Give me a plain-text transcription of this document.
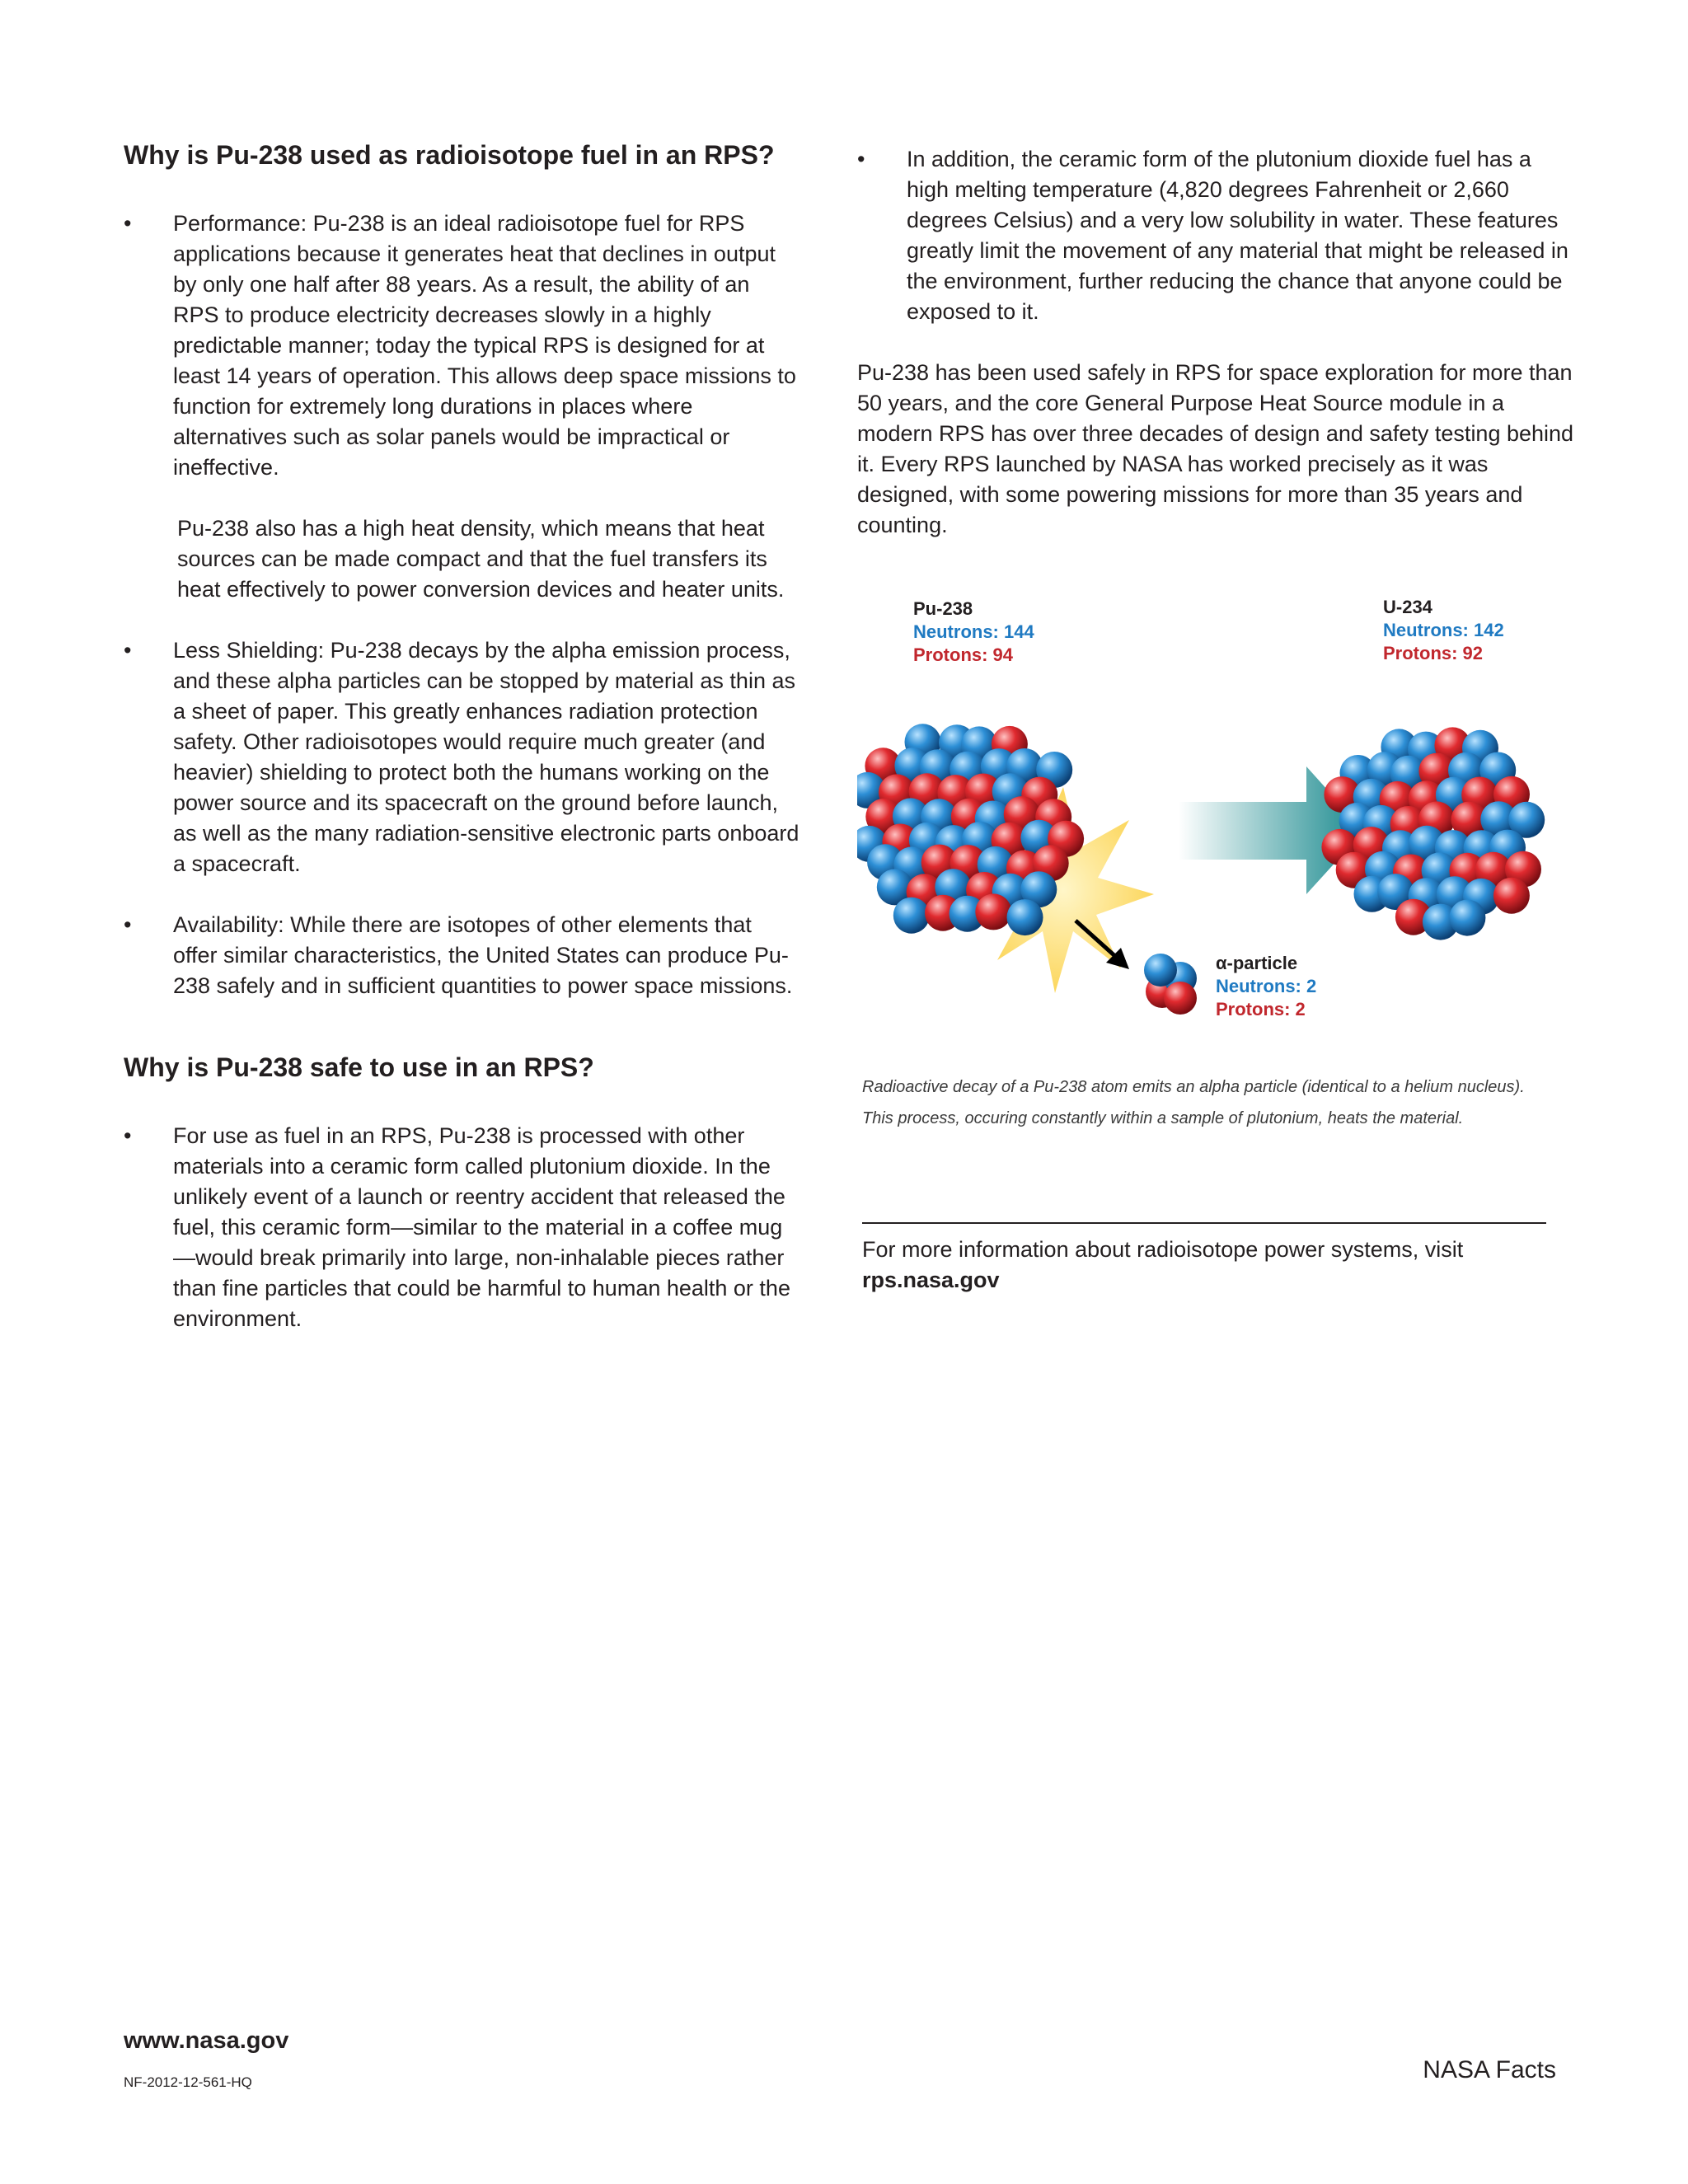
Why is Pu-238 used as radioisotope fuel in an RPS?
•	Performance: Pu-238 is an ideal radioisotope fuel for RPS applications because it generates heat that declines in output by only one half after 88 years. As a result, the ability of an RPS to produce electricity decreases slowly in a highly predictable manner; today the typical RPS is designed for at least 14 years of operation. This allows deep space missions to function for extremely long durations in places where alternatives such as solar panels would be impractical or ineffective.

Pu-238 also has a high heat density, which means that heat sources can be made compact and that the fuel transfers its heat effectively to power conversion devices and heater units.

•	Less Shielding: Pu-238 decays by the alpha emission process, and these alpha particles can be stopped by material as thin as a sheet of paper. This greatly enhances radiation protection safety. Other radioisotopes would require much greater (and heavier) shielding to protect both the humans working on the power source and its spacecraft on the ground before launch, as well as the many radiation-sensitive electronic parts onboard a spacecraft.
•	Availability: While there are isotopes of other elements that offer similar characteristics, the United States can produce Pu-238 safely and in sufficient quantities to power space missions.
Why is Pu-238 safe to use in an RPS?
•	For use as fuel in an RPS, Pu-238 is processed with other materials into a ceramic form called plutonium dioxide. In the unlikely event of a launch or reentry accident that released the fuel, this ceramic form—similar to the material in a coffee mug—would break primarily into large, non-inhalable pieces rather than fine particles that could be harmful to human health or the environment.
•	In addition, the ceramic form of the plutonium dioxide fuel has a high melting temperature (4,820 degrees Fahrenheit or 2,660 degrees Celsius) and a very low solubility in water. These features greatly limit the movement of any material that might be released in the environment, further reducing the chance that anyone could be exposed to it.

Pu-238 has been used safely in RPS for space exploration for more than 50 years, and the core General Purpose Heat Source module in a modern RPS has over three decades of design and safety testing behind it. Every RPS launched by NASA has worked precisely as it was designed, with some powering missions for more than 35 years and counting.

Pu-238
Neutrons: 144
Protons: 94
U-234
Neutrons: 142
Protons: 92
α-particle
Neutrons: 2
Protons: 2
Radioactive decay of a Pu-238 atom emits an alpha particle (identical to a helium nucleus).
This process, occuring constantly within a sample of plutonium, heats the material.
For more information about radioisotope power systems, visit
rps.nasa.gov
www.nasa.gov
NF-2012-12-561-HQ	NASA Facts
